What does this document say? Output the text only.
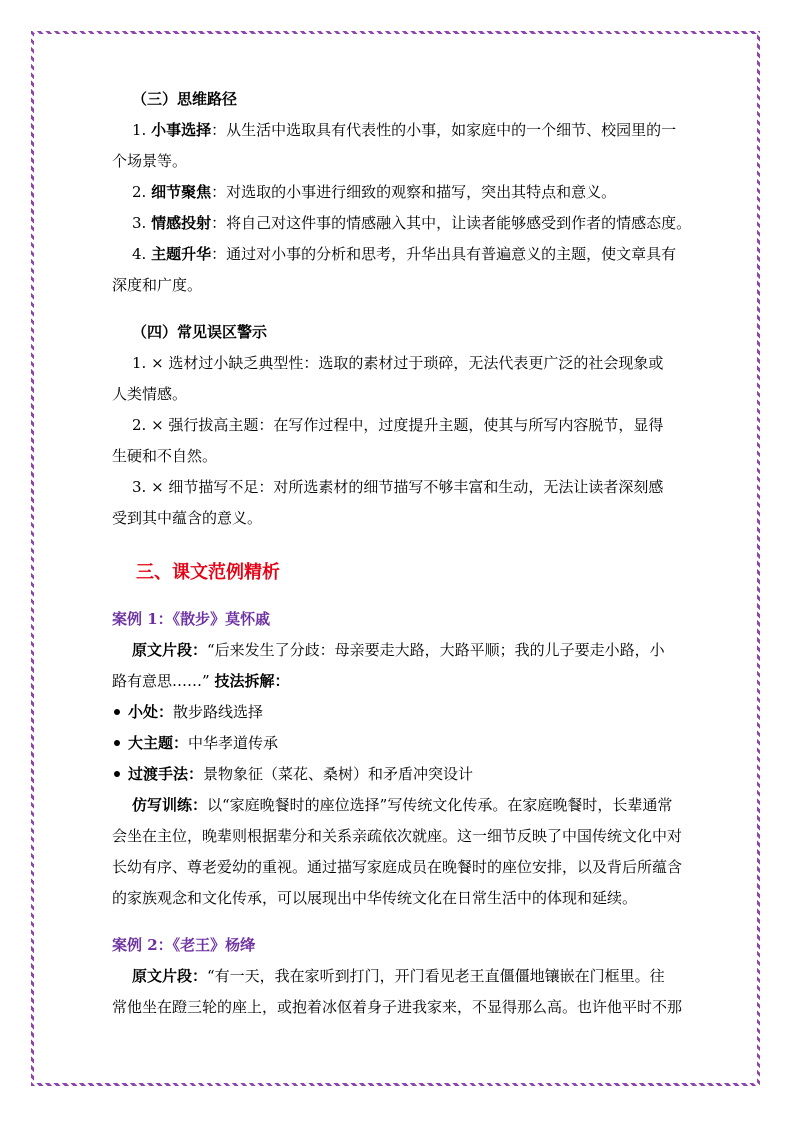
（三）思维路径
1. 小事选择：从生活中选取具有代表性的小事，如家庭中的一个细节、校园里的一
个场景等。
2. 细节聚焦：对选取的小事进行细致的观察和描写，突出其特点和意义。
3. 情感投射：将自己对这件事的情感融入其中，让读者能够感受到作者的情感态度。
4. 主题升华：通过对小事的分析和思考，升华出具有普遍意义的主题，使文章具有
深度和广度。
（四）常见误区警示
1. × 选材过小缺乏典型性：选取的素材过于琐碎，无法代表更广泛的社会现象或
人类情感。
2. × 强行拔高主题：在写作过程中，过度提升主题，使其与所写内容脱节，显得
生硬和不自然。
3. × 细节描写不足：对所选素材的细节描写不够丰富和生动，无法让读者深刻感
受到其中蕴含的意义。
三、课文范例精析
案例 1：《散步》莫怀戚
原文片段：“后来发生了分歧：母亲要走大路，大路平顺；我的儿子要走小路，小
路有意思……” 技法拆解：
小处：散步路线选择
大主题：中华孝道传承
过渡手法：景物象征（菜花、桑树）和矛盾冲突设计
仿写训练：以“家庭晚餐时的座位选择”写传统文化传承。在家庭晚餐时，长辈通常
会坐在主位，晚辈则根据辈分和关系亲疏依次就座。这一细节反映了中国传统文化中对
长幼有序、尊老爱幼的重视。通过描写家庭成员在晚餐时的座位安排，以及背后所蕴含
的家族观念和文化传承，可以展现出中华传统文化在日常生活中的体现和延续。
案例 2：《老王》杨绛
原文片段：“有一天，我在家听到打门，开门看见老王直僵僵地镶嵌在门框里。往
常他坐在蹬三轮的座上，或抱着冰伛着身子进我家来，不显得那么高。也许他平时不那
